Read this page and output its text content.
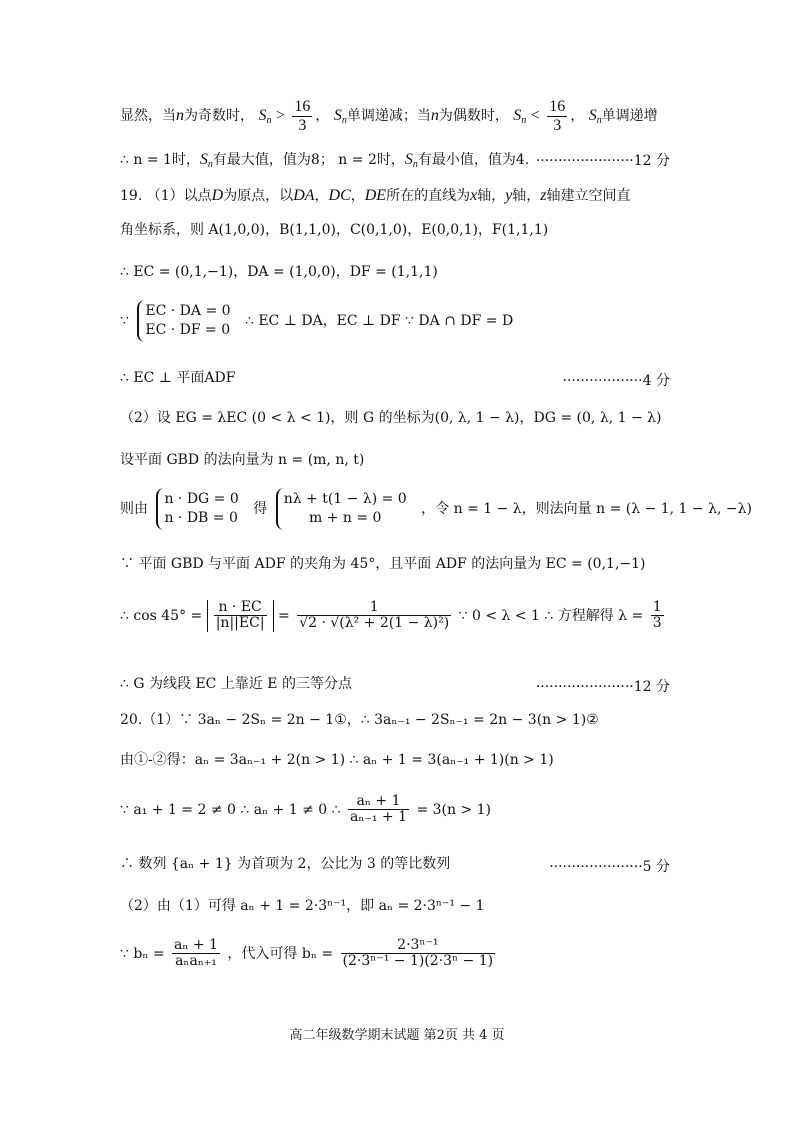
显然，当n为奇数时， $S_n > \frac{16}{3}$ ， $S_n$单调递减；当n为偶数时， $S_n < \frac{16}{3}$ ， $S_n$单调递增
∴ n = 1时，$S_n$有最大值，值为8； n = 2时，$S_n$有最小值，值为4. ······················12 分
19. （1）以点D为原点，以DA，DC，DE所在的直线为x轴，y轴，z轴建立空间直
角坐标系，则 A(1,0,0)，B(1,1,0)，C(0,1,0)，E(0,0,1)，F(1,1,1)
∴ EC = (0,1,−1)，DA = (1,0,0)，DF = (1,1,1)
∵
EC · DA = 0
EC · DF = 0
∴ EC ⊥ DA，EC ⊥ DF ∵ DA ∩ DF = D
∴ EC ⊥ 平面ADF	··················4 分
（2）设 EG = λEC (0 < λ < 1)，则 G 的坐标为(0, λ, 1 − λ)，DG = (0, λ, 1 − λ)
设平面 GBD 的法向量为 n = (m, n, t)
则由
n · DG = 0
n · DB = 0
得
nλ + t(1 − λ) = 0
m + n = 0
，令 n = 1 − λ，则法向量 n = (λ − 1, 1 − λ, −λ)
∵ 平面 GBD 与平面 ADF 的夹角为 45°，且平面 ADF 的法向量为 EC = (0,1,−1)
∴ $\cos 45^\circ = \frac{n \cdot EC}{|n||EC|} = \frac{1}{\text{√2 · √(λ² + 2(1 − λ)²)}}$ ∵ 0 < λ < 1 ∴ 方程解得 $\lambda = \frac{1}{3}$
∴ G 为线段 EC 上靠近 E 的三等分点	······················12 分
20.（1）∵ 3aₙ − 2Sₙ = 2n − 1①，∴ 3aₙ₋₁ − 2Sₙ₋₁ = 2n − 3(n > 1)②
由①-②得：aₙ = 3aₙ₋₁ + 2(n > 1) ∴ aₙ + 1 = 3(aₙ₋₁ + 1)(n > 1)
∵ a₁ + 1 = 2 ≠ 0 ∴ aₙ + 1 ≠ 0 ∴ $\frac{\text{aₙ + 1}}{\text{aₙ₋₁ + 1}} = 3(n > 1)$
∴ 数列 {aₙ + 1} 为首项为 2，公比为 3 的等比数列	·····················5 分
（2）由（1）可得 aₙ + 1 = 2·3ⁿ⁻¹，即 aₙ = 2·3ⁿ⁻¹ − 1
∵ $b_n = \frac{\text{aₙ + 1}}{\text{aₙaₙ₊₁}}$ ，代入可得 $b_n = \frac{\text{2·3ⁿ⁻¹}}{\text{(2·3ⁿ⁻¹ − 1)(2·3ⁿ − 1)}}$
高二年级数学期末试题 第2页 共 4 页
